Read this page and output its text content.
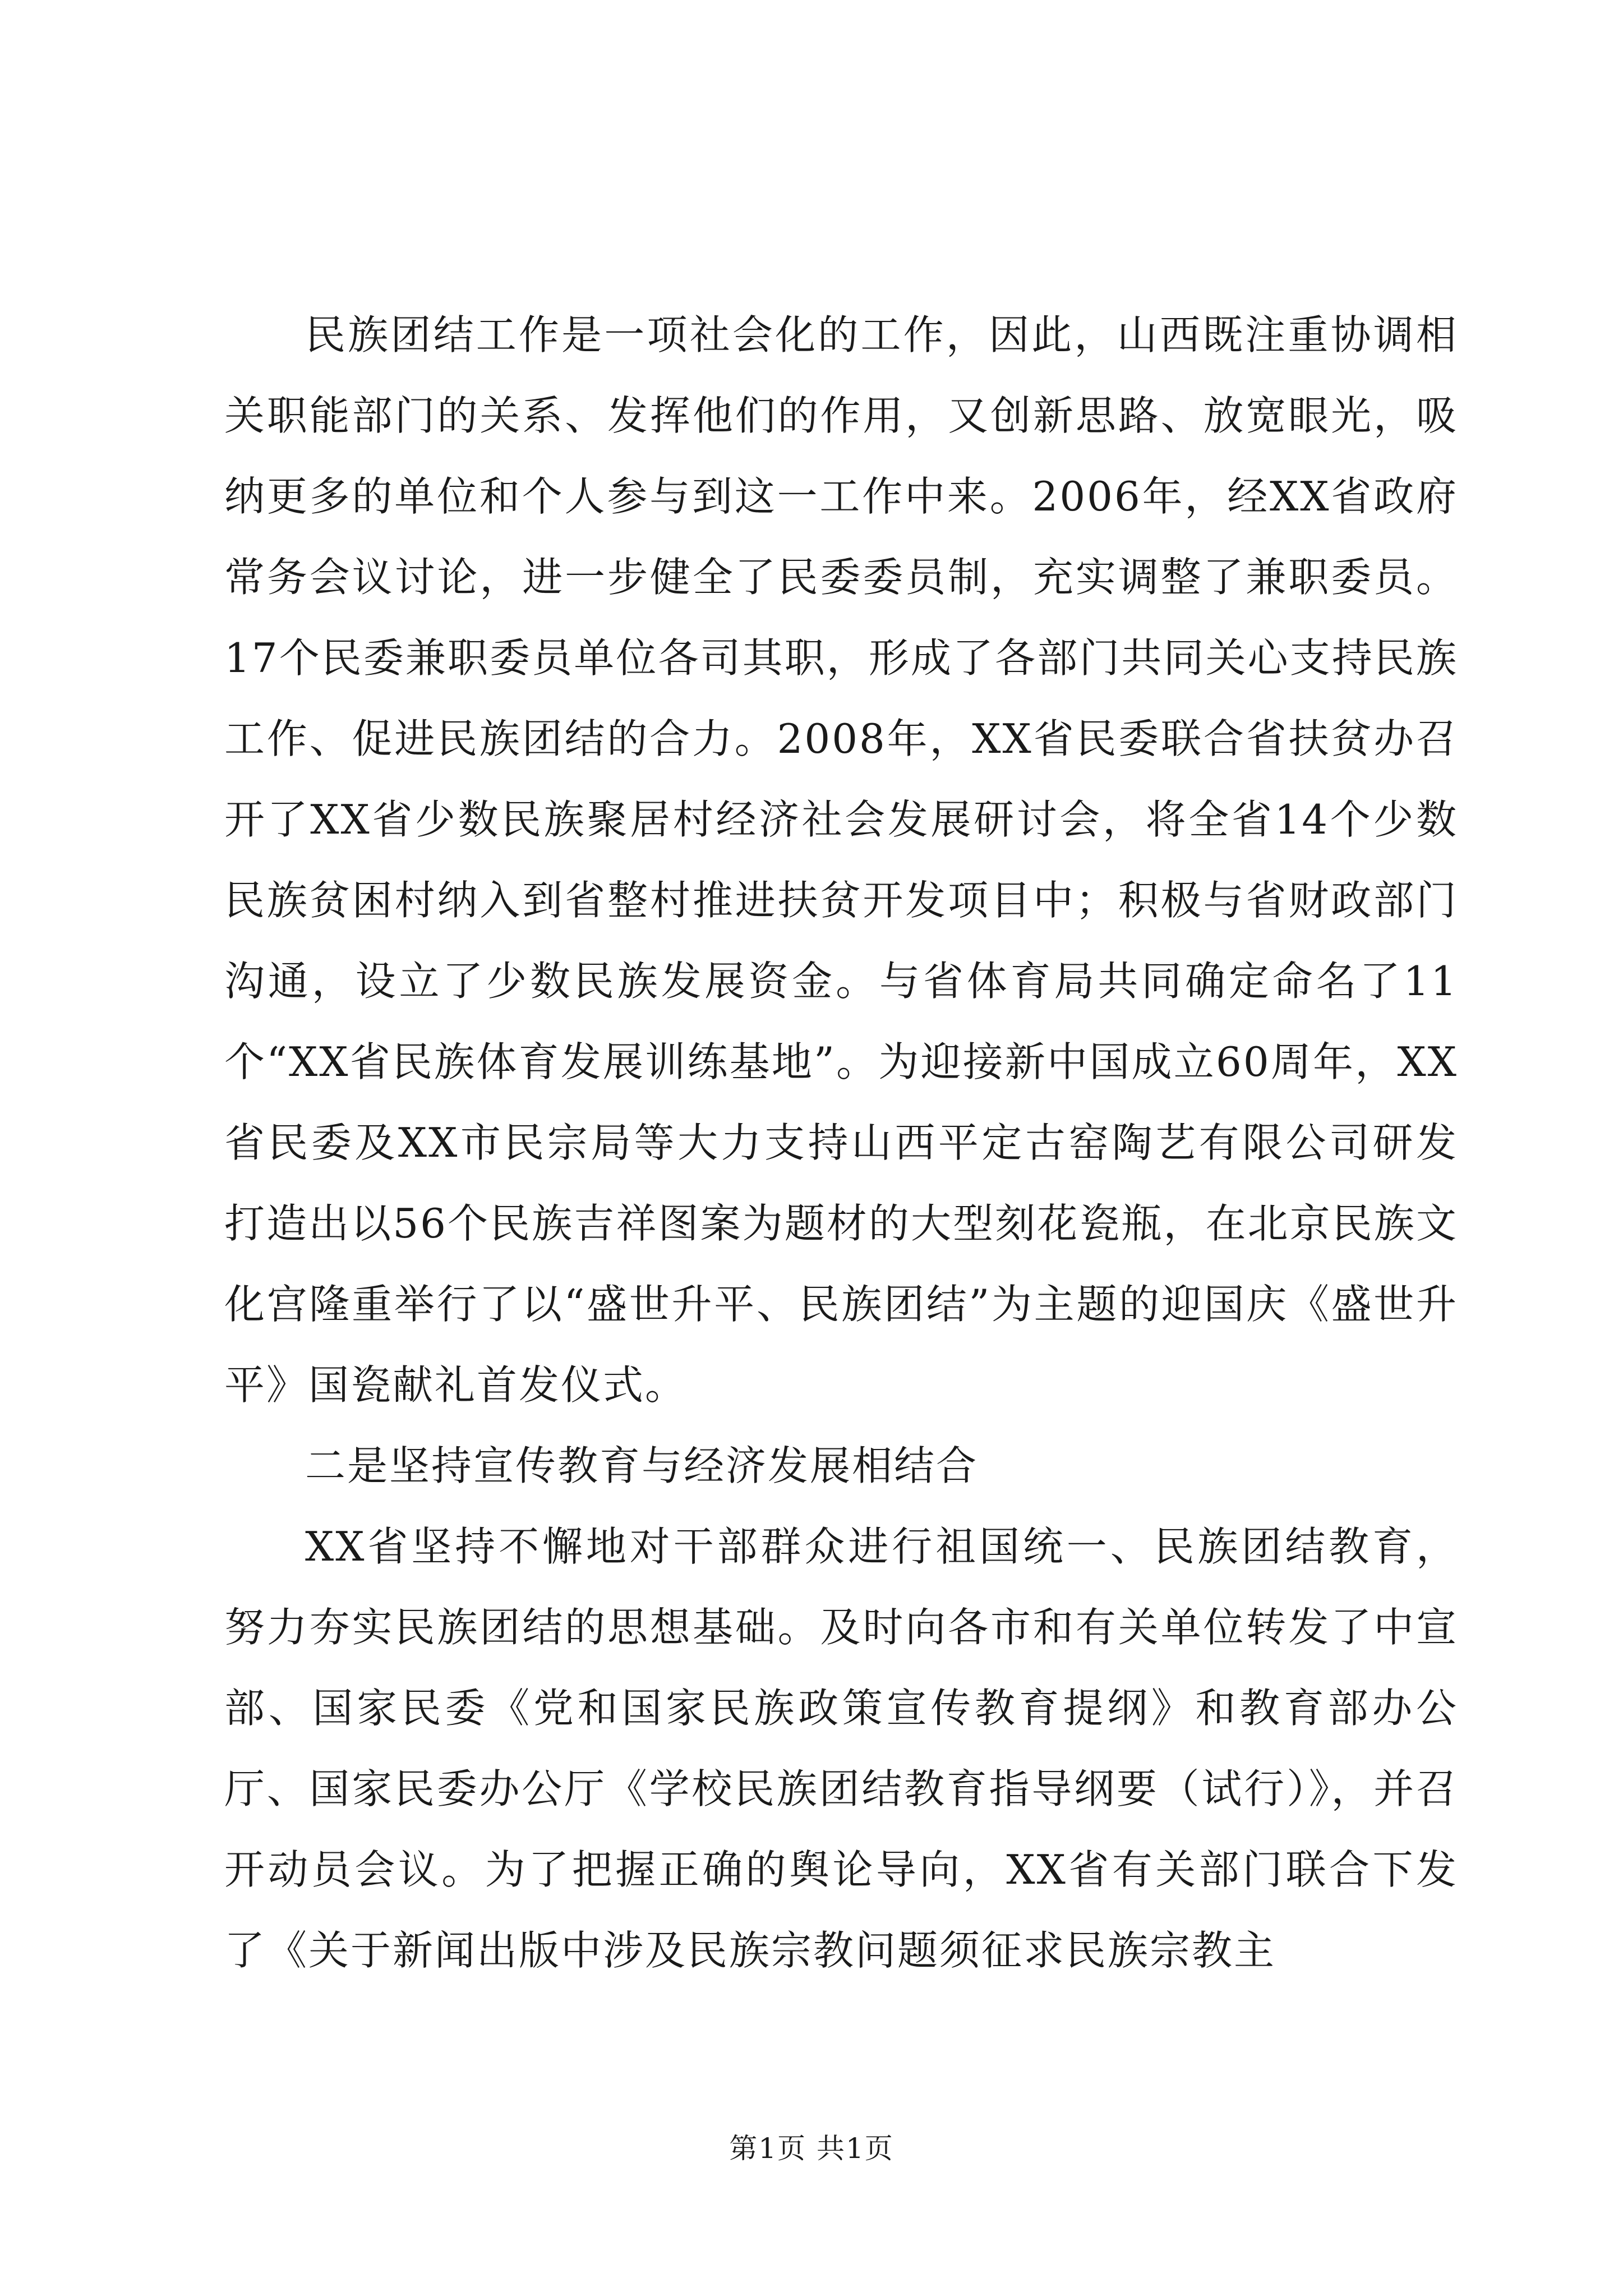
民族团结工作是一项社会化的工作，因此，山西既注重协调相关职能部门的关系、发挥他们的作用，又创新思路、放宽眼光，吸纳更多的单位和个人参与到这一工作中来。2006年，经XX省政府常务会议讨论，进一步健全了民委委员制，充实调整了兼职委员。17个民委兼职委员单位各司其职，形成了各部门共同关心支持民族工作、促进民族团结的合力。2008年，XX省民委联合省扶贫办召开了XX省少数民族聚居村经济社会发展研讨会，将全省14个少数民族贫困村纳入到省整村推进扶贫开发项目中；积极与省财政部门沟通，设立了少数民族发展资金。与省体育局共同确定命名了11个“XX省民族体育发展训练基地”。为迎接新中国成立60周年，XX省民委及XX市民宗局等大力支持山西平定古窑陶艺有限公司研发打造出以56个民族吉祥图案为题材的大型刻花瓷瓶，在北京民族文化宫隆重举行了以“盛世升平、民族团结”为主题的迎国庆《盛世升平》国瓷献礼首发仪式。

二是坚持宣传教育与经济发展相结合

XX省坚持不懈地对干部群众进行祖国统一、民族团结教育，努力夯实民族团结的思想基础。及时向各市和有关单位转发了中宣部、国家民委《党和国家民族政策宣传教育提纲》和教育部办公厅、国家民委办公厅《学校民族团结教育指导纲要（试行）》，并召开动员会议。为了把握正确的舆论导向，XX省有关部门联合下发了《关于新闻出版中涉及民族宗教问题须征求民族宗教主

第1页 共1页
